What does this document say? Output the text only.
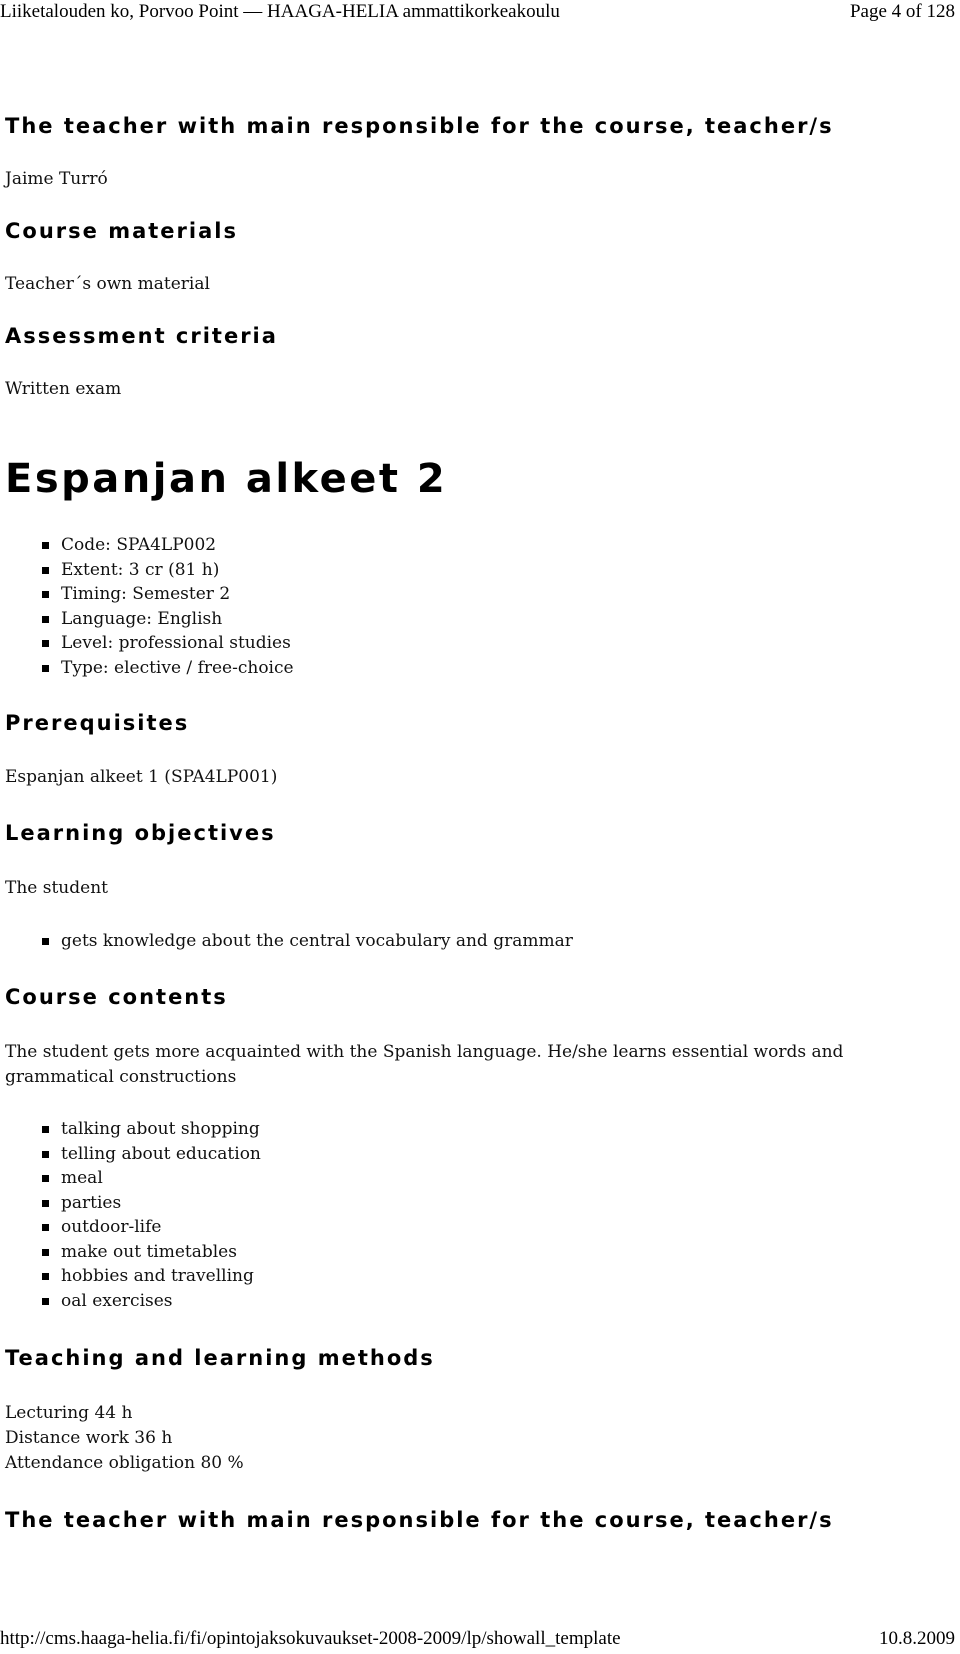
Liiketalouden ko, Porvoo Point — HAAGA-HELIA ammattikorkeakoulu	Page 4 of 128
The teacher with main responsible for the course, teacher/s
Jaime Turró
Course materials
Teacher´s own material
Assessment criteria
Written exam
Espanjan alkeet 2
Code: SPA4LP002
Extent: 3 cr (81 h)
Timing: Semester 2
Language: English
Level: professional studies
Type: elective / free-choice
Prerequisites
Espanjan alkeet 1 (SPA4LP001)
Learning objectives
The student
gets knowledge about the central vocabulary and grammar
Course contents
The student gets more acquainted with the Spanish language. He/she learns essential words and
grammatical constructions
talking about shopping
telling about education
meal
parties
outdoor-life
make out timetables
hobbies and travelling
oal exercises
Teaching and learning methods
Lecturing 44 h
Distance work 36 h
Attendance obligation 80 %
The teacher with main responsible for the course, teacher/s
http://cms.haaga-helia.fi/fi/opintojaksokuvaukset-2008-2009/lp/showall_template	10.8.2009
